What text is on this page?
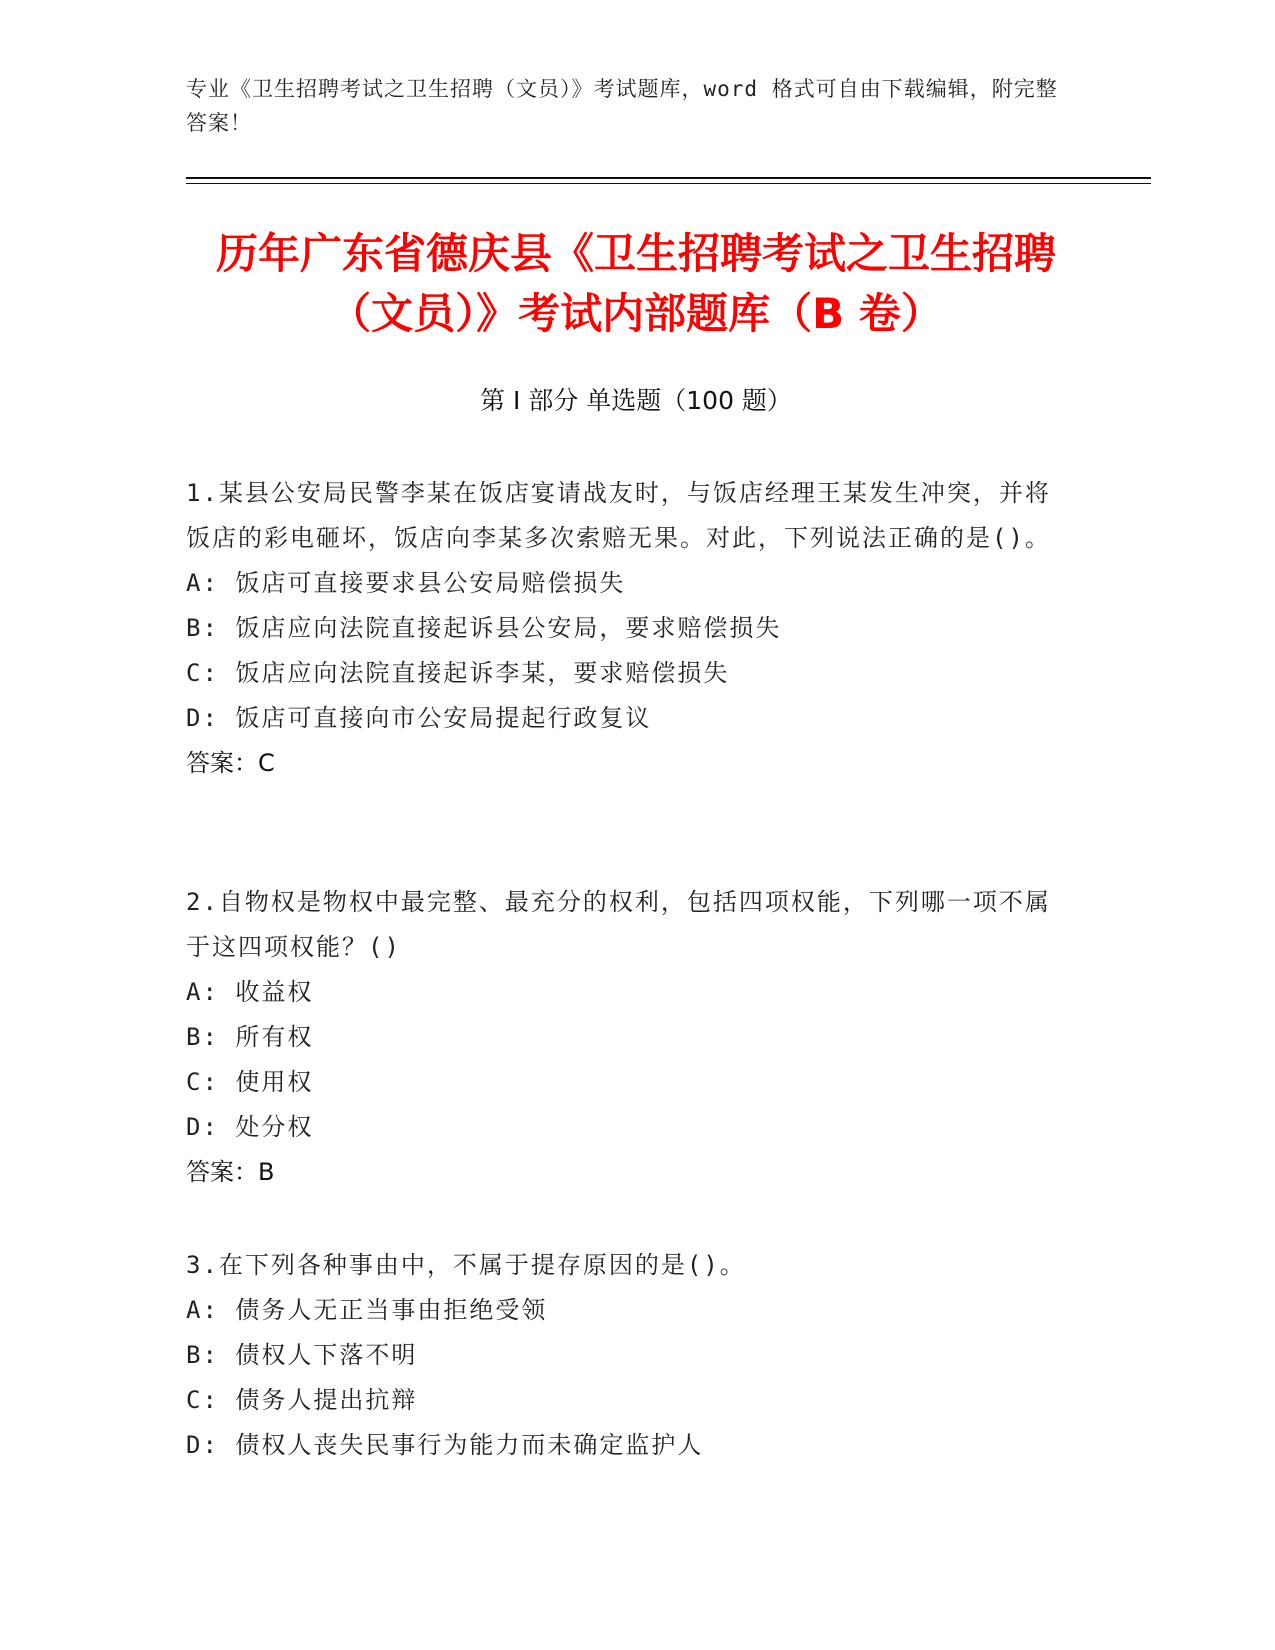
专业《卫生招聘考试之卫生招聘（文员）》考试题库，word 格式可自由下载编辑，附完整答案！
历年广东省德庆县《卫生招聘考试之卫生招聘（文员）》考试内部题库（B 卷）
第 I 部分 单选题（100 题）

1.某县公安局民警李某在饭店宴请战友时，与饭店经理王某发生冲突，并将饭店的彩电砸坏，饭店向李某多次索赔无果。对此，下列说法正确的是()。

A: 饭店可直接要求县公安局赔偿损失

B: 饭店应向法院直接起诉县公安局，要求赔偿损失

C: 饭店应向法院直接起诉李某，要求赔偿损失

D: 饭店可直接向市公安局提起行政复议

答案：C

2.自物权是物权中最完整、最充分的权利，包括四项权能，下列哪一项不属于这四项权能？()

A: 收益权

B: 所有权

C: 使用权

D: 处分权

答案：B

3.在下列各种事由中，不属于提存原因的是()。

A: 债务人无正当事由拒绝受领

B: 债权人下落不明

C: 债务人提出抗辩

D: 债权人丧失民事行为能力而未确定监护人
